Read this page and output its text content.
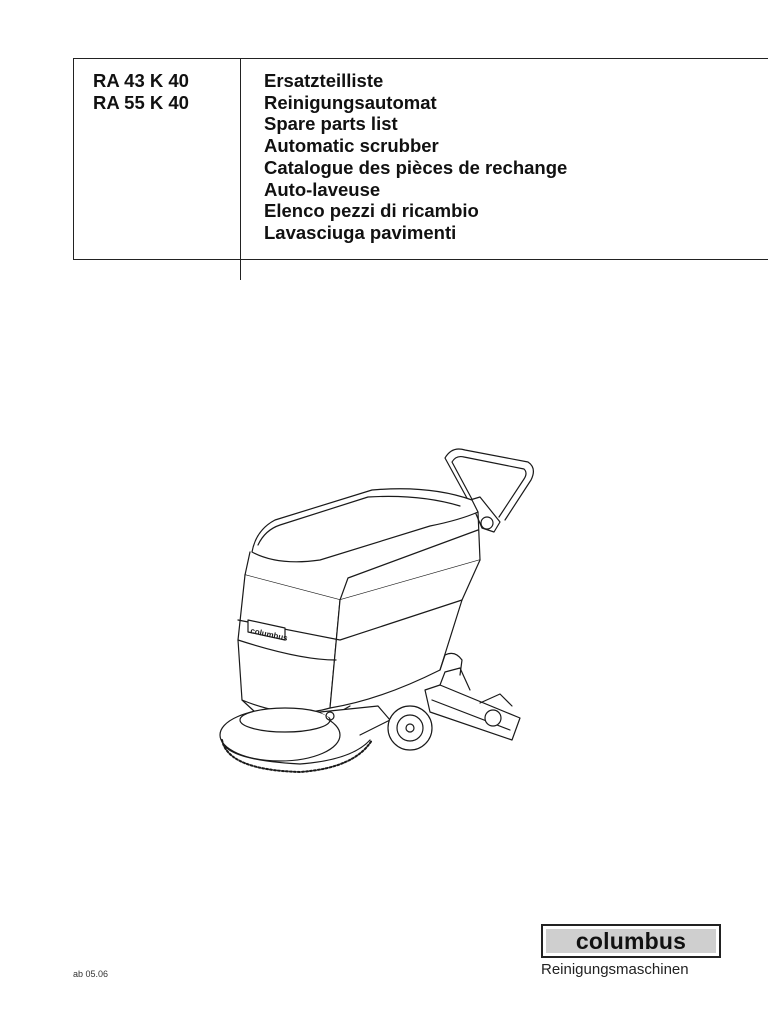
RA 43 K 40
RA 55 K 40
Ersatzteilliste
Reinigungsautomat
Spare parts list
Automatic scrubber
Catalogue des pièces de rechange
Auto-laveuse
Elenco pezzi di ricambio
Lavasciuga pavimenti
columbus
ab 05.06
columbus
Reinigungsmaschinen
